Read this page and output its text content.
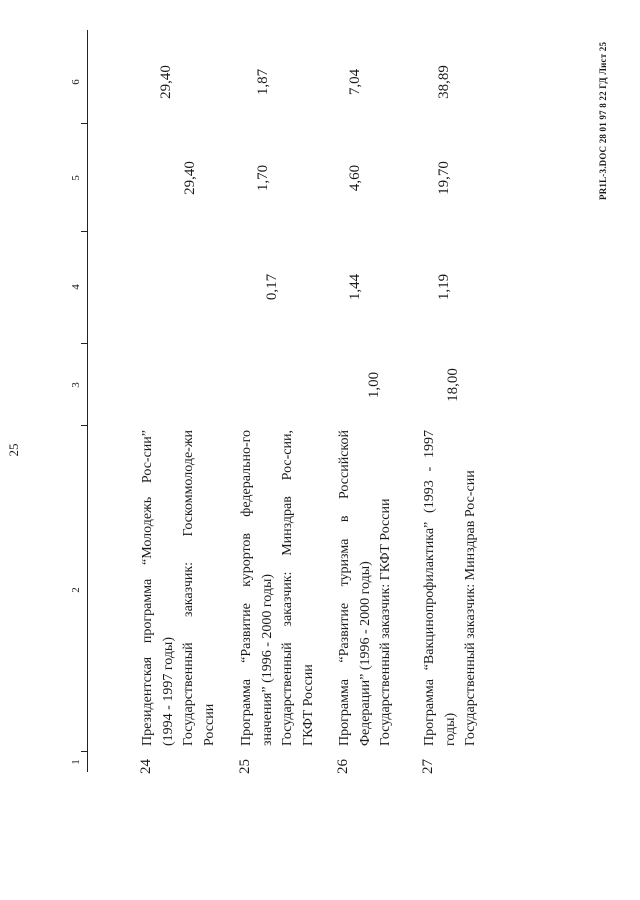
25
1
2
3
4
5
6
24

Президентская программа “Молодежь Рос-сии” (1994 - 1997 годы) Государственный заказчик: Госкоммолоде-жи России

29,40
29,40
25

Программа “Развитие курортов федерально-го значения” (1996 - 2000 годы) Государственный заказчик: Минздрав Рос-сии, ГКФТ России

0,17
1,70
1,87
26

Программа “Развитие туризма в Российской Федерации” (1996 - 2000 годы) Государственный заказчик: ГКФТ России

1,00
1,44
4,60
7,04
27

Программа “Вакцинопрофилактика” (1993 - 1997 годы) Государственный заказчик: Минздрав Рос-сии

18,00
1,19
19,70
38,89	PR1L-3.DOC 28 01 97 8 22 ГД Лист 25
